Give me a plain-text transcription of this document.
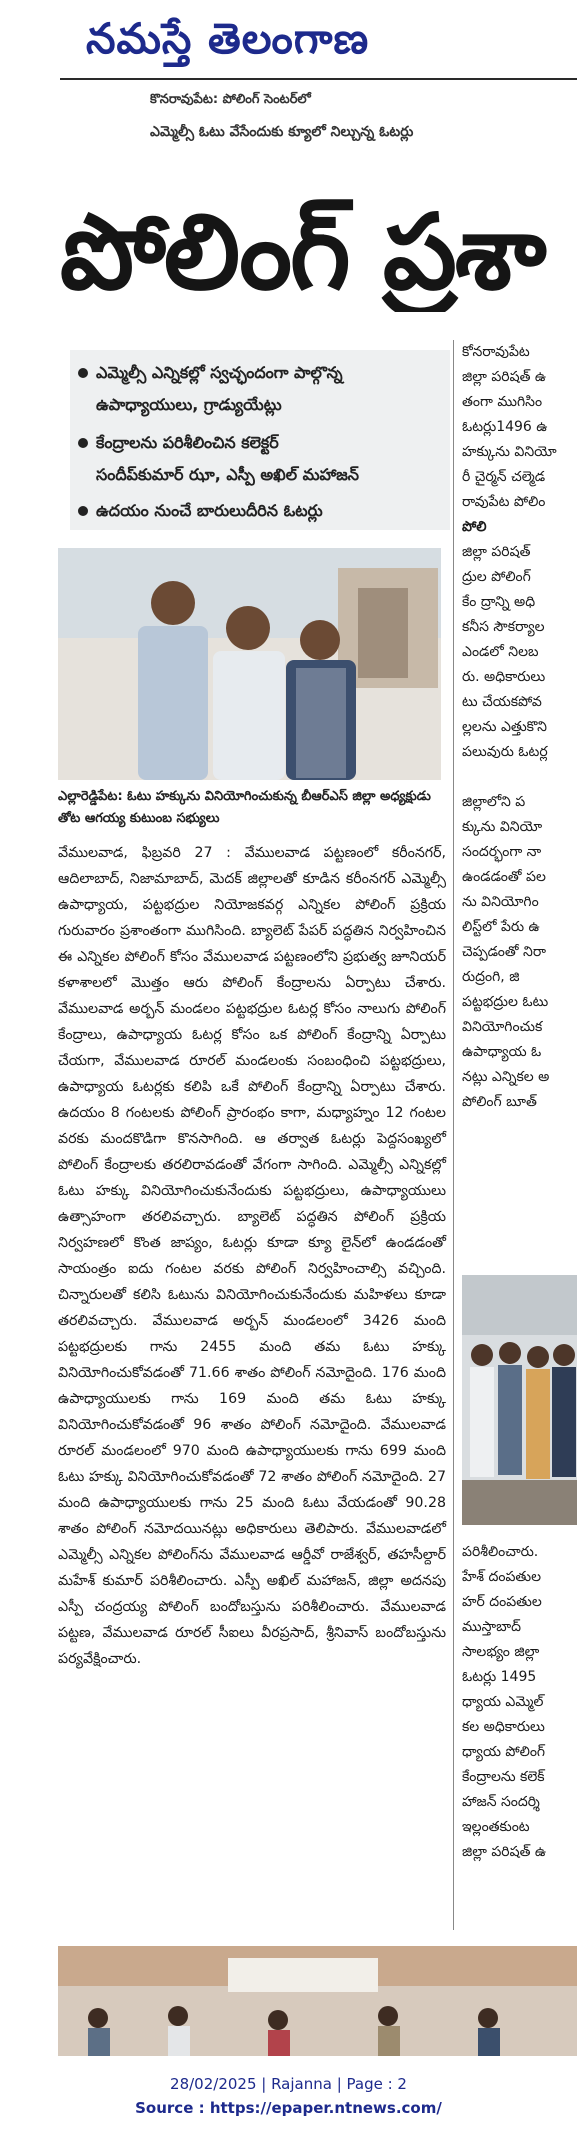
నమస్తే తెలంగాణ
కొనరావుపేట: పోలింగ్ సెంటర్‌లో
ఎమ్మెల్సీ ఓటు వేసేందుకు క్యూలో నిల్చున్న ఓటర్లు
పోలింగ్ ప్రశా
ఎమ్మెల్సీ ఎన్నికల్లో స్వచ్ఛందంగా పాల్గొన్న
ఉపాధ్యాయులు, గ్రాడ్యుయేట్లు
కేంద్రాలను పరిశీలించిన కలెక్టర్
సందీప్‌కుమార్ ఝా, ఎస్పీ అఖిల్ మహాజన్
ఉదయం నుంచే బారులుదీరిన ఓటర్లు
ఎల్లారెడ్డిపేట: ఓటు హక్కును వినియోగించుకున్న బీఆర్‌ఎస్ జిల్లా అధ్యక్షుడు తోట ఆగయ్య కుటుంబ సభ్యులు

వేములవాడ, ఫిబ్రవరి 27 : వేములవాడ పట్టణంలో కరీంనగర్, ఆదిలాబాద్, నిజామాబాద్, మెదక్ జిల్లాలతో కూడిన కరీంనగర్ ఎమ్మెల్సీ ఉపాధ్యాయ, పట్టభద్రుల నియోజకవర్గ ఎన్నికల పోలింగ్ ప్రక్రియ గురువారం ప్రశాంతంగా ముగిసింది. బ్యాలెట్ పేపర్ పద్ధతిన నిర్వహించిన ఈ ఎన్నికల పోలింగ్ కోసం వేములవాడ పట్టణంలోని ప్రభుత్వ జూనియర్ కళాశాలలో మొత్తం ఆరు పోలింగ్ కేంద్రాలను ఏర్పాటు చేశారు. వేములవాడ అర్బన్ మండలం పట్టభద్రుల ఓటర్ల కోసం నాలుగు పోలింగ్ కేంద్రాలు, ఉపాధ్యాయ ఓటర్ల కోసం ఒక పోలింగ్ కేంద్రాన్ని ఏర్పాటు చేయగా, వేములవాడ రూరల్ మండలంకు సంబంధించి పట్టభద్రులు, ఉపాధ్యాయ ఓటర్లకు కలిపి ఒకే పోలింగ్ కేంద్రాన్ని ఏర్పాటు చేశారు. ఉదయం 8 గంటలకు పోలింగ్ ప్రారంభం కాగా, మధ్యాహ్నం 12 గంటల వరకు మందకొడిగా కొనసాగింది. ఆ తర్వాత ఓటర్లు పెద్దసంఖ్యలో పోలింగ్ కేంద్రాలకు తరలిరావడంతో వేగంగా సాగింది. ఎమ్మెల్సీ ఎన్నికల్లో ఓటు హక్కు వినియోగించుకునేందుకు పట్టభద్రులు, ఉపాధ్యాయులు ఉత్సాహంగా తరలివచ్చారు. బ్యాలెట్ పద్ధతిన పోలింగ్ ప్రక్రియ నిర్వహణలో కొంత జాప్యం, ఓటర్లు కూడా క్యూ లైన్‌లో ఉండడంతో సాయంత్రం ఐదు గంటల వరకు పోలింగ్ నిర్వహించాల్సి వచ్చింది. చిన్నారులతో కలిసి ఓటును వినియోగించుకునేందుకు మహిళలు కూడా తరలివచ్చారు. వేములవాడ అర్బన్ మండలంలో 3426 మంది పట్టభద్రులకు గాను 2455 మంది తమ ఓటు హక్కు వినియోగించుకోవడంతో 71.66 శాతం పోలింగ్ నమోదైంది. 176 మంది ఉపాధ్యాయులకు గాను 169 మంది తమ ఓటు హక్కు వినియోగించుకోవడంతో 96 శాతం పోలింగ్ నమోదైంది. వేములవాడ రూరల్ మండలంలో 970 మంది ఉపాధ్యాయులకు గాను 699 మంది ఓటు హక్కు వినియోగించుకోవడంతో 72 శాతం పోలింగ్ నమోదైంది. 27 మంది ఉపాధ్యాయులకు గాను 25 మంది ఓటు వేయడంతో 90.28 శాతం పోలింగ్ నమోదయినట్లు అధికారులు తెలిపారు. వేములవాడలో ఎమ్మెల్సీ ఎన్నికల పోలింగ్‌ను వేములవాడ ఆర్డీవో రాజేశ్వర్, తహసీల్దార్ మహేశ్ కుమార్ పరిశీలించారు. ఎస్పీ అఖిల్ మహాజన్, జిల్లా అదనపు ఎస్పీ చంద్రయ్య పోలింగ్ బందోబస్తును పరిశీలించారు. వేములవాడ పట్టణ, వేములవాడ రూరల్ సీఐలు వీరప్రసాద్, శ్రీనివాస్ బందోబస్తును పర్యవేక్షించారు.

కోనరావుపేట
జిల్లా పరిషత్ ఉ
తంగా ముగిసిం
ఓటర్లు1496 ఉ
హక్కును వినియో
రీ చైర్మన్ చల్మెడ
రావుపేట పోలిం
పోలి
జిల్లా పరిషత్
ద్రుల పోలింగ్
కేం ద్రాన్ని అధి
కనీస సౌకర్యాల
ఎండలో నిలబ
రు. అధికారులు
టు చేయకపోవ
ల్లలను ఎత్తుకొని
పలువురు ఓటర్ల
జిల్లాలోని ప
క్కును వినియో
సందర్భంగా నా
ఉండడంతో పల
ను వినియోగిం
లిస్ట్‌లో పేరు ఉ
చెప్పడంతో నిరా
రుద్రంగి, జి
పట్టభద్రుల ఓటు
వినియోగించుక
ఉపాధ్యాయ ఓ
నట్లు ఎన్నికల అ
పోలింగ్ బూత్‌
పరిశీలించారు.
హేశ్ దంపతుల
హర్ దంపతుల
ముస్తాబాద్
సాలభ్యం జిల్లా
ఓటర్లు 1495
ధ్యాయ ఎమ్మెల్
కల అధికారులు
ధ్యాయ పోలింగ్
కేంద్రాలను కలెక్
హాజన్ సందర్శి
ఇల్లంతకుంట
జిల్లా పరిషత్ ఉ
28/02/2025 | Rajanna | Page : 2
Source : https://epaper.ntnews.com/
